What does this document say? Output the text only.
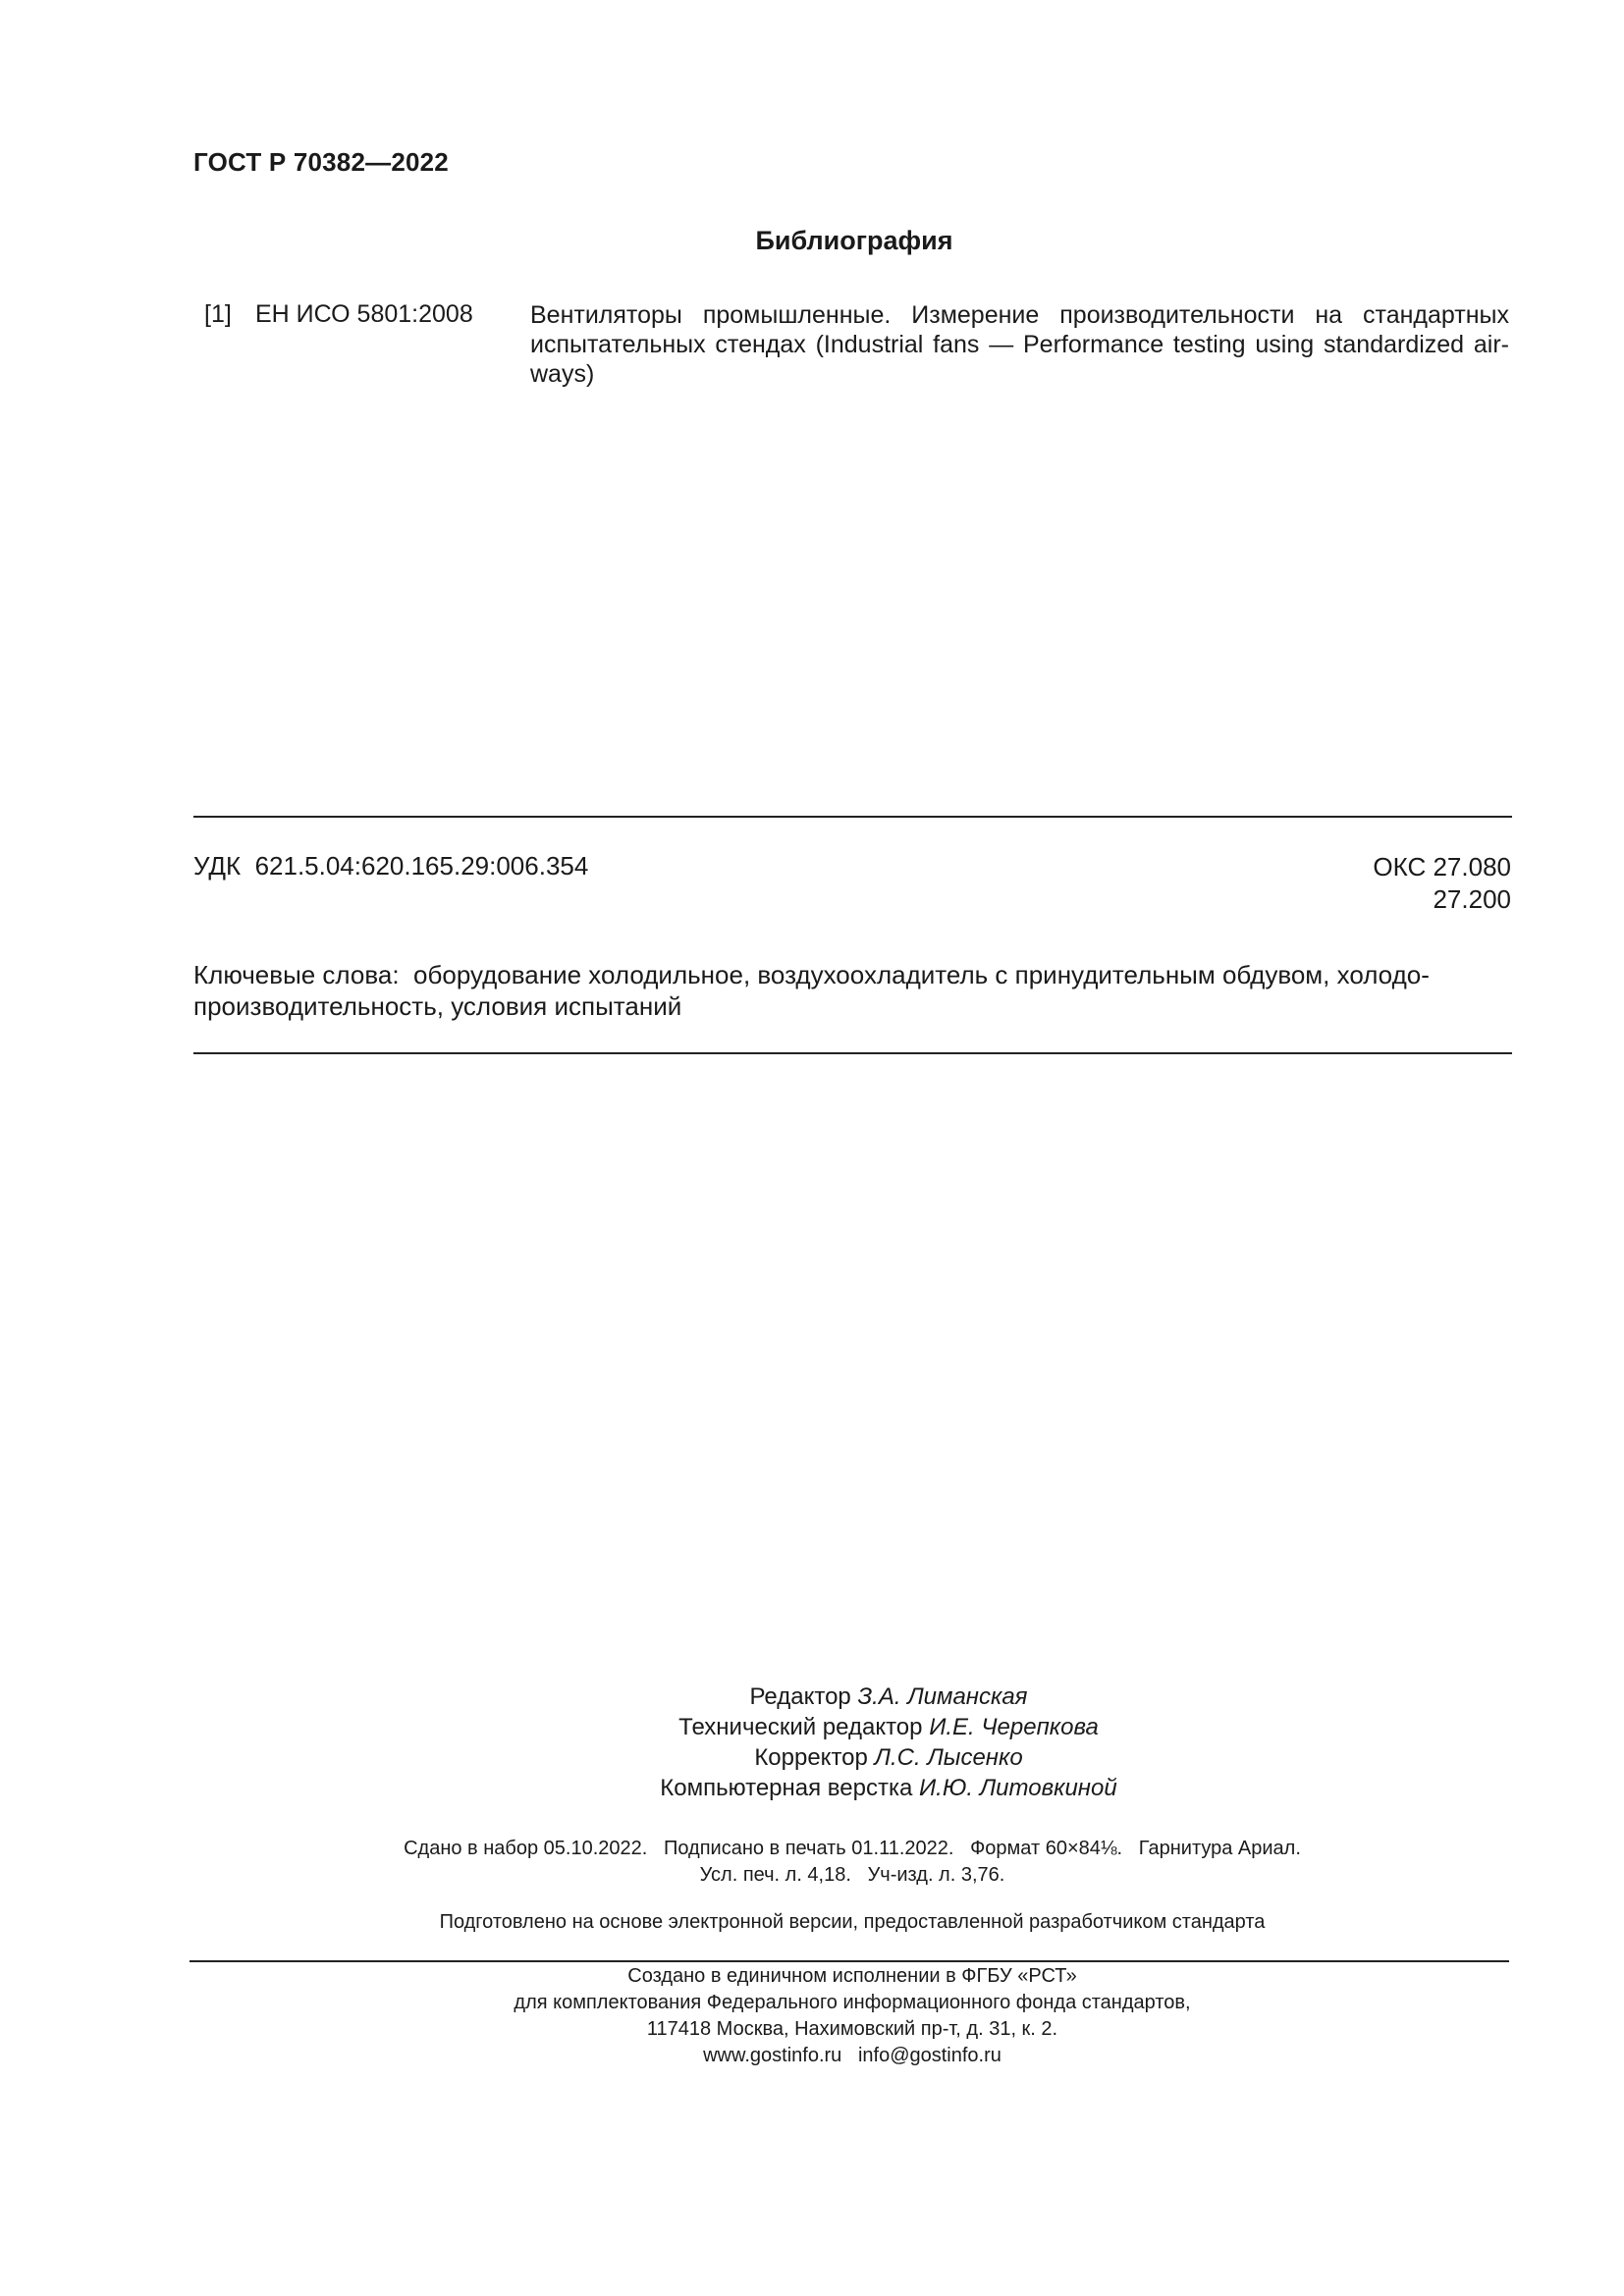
ГОСТ Р 70382—2022
Библиография
[1] ЕН ИСО 5801:2008 Вентиляторы промышленные. Измерение производительности на стандартных
испытательных стендах (Industrial fans — Performance testing using standardized air-
ways)
УДК 621.5.04:620.165.29:006.354	ОКС 27.080
27.200
Ключевые слова: оборудование холодильное, воздухоохладитель с принудительным обдувом, холодо-
производительность, условия испытаний
Редактор З.А. Лиманская
Технический редактор И.Е. Черепкова
Корректор Л.С. Лысенко
Компьютерная верстка И.Ю. Литовкиной
Сдано в набор 05.10.2022.   Подписано в печать 01.11.2022.   Формат 60×84⅛.   Гарнитура Ариал.
Усл. печ. л. 4,18.   Уч-изд. л. 3,76.
Подготовлено на основе электронной версии, предоставленной разработчиком стандарта
Создано в единичном исполнении в ФГБУ «РСТ»
для комплектования Федерального информационного фонда стандартов,
117418 Москва, Нахимовский пр-т, д. 31, к. 2.
www.gostinfo.ru   info@gostinfo.ru
